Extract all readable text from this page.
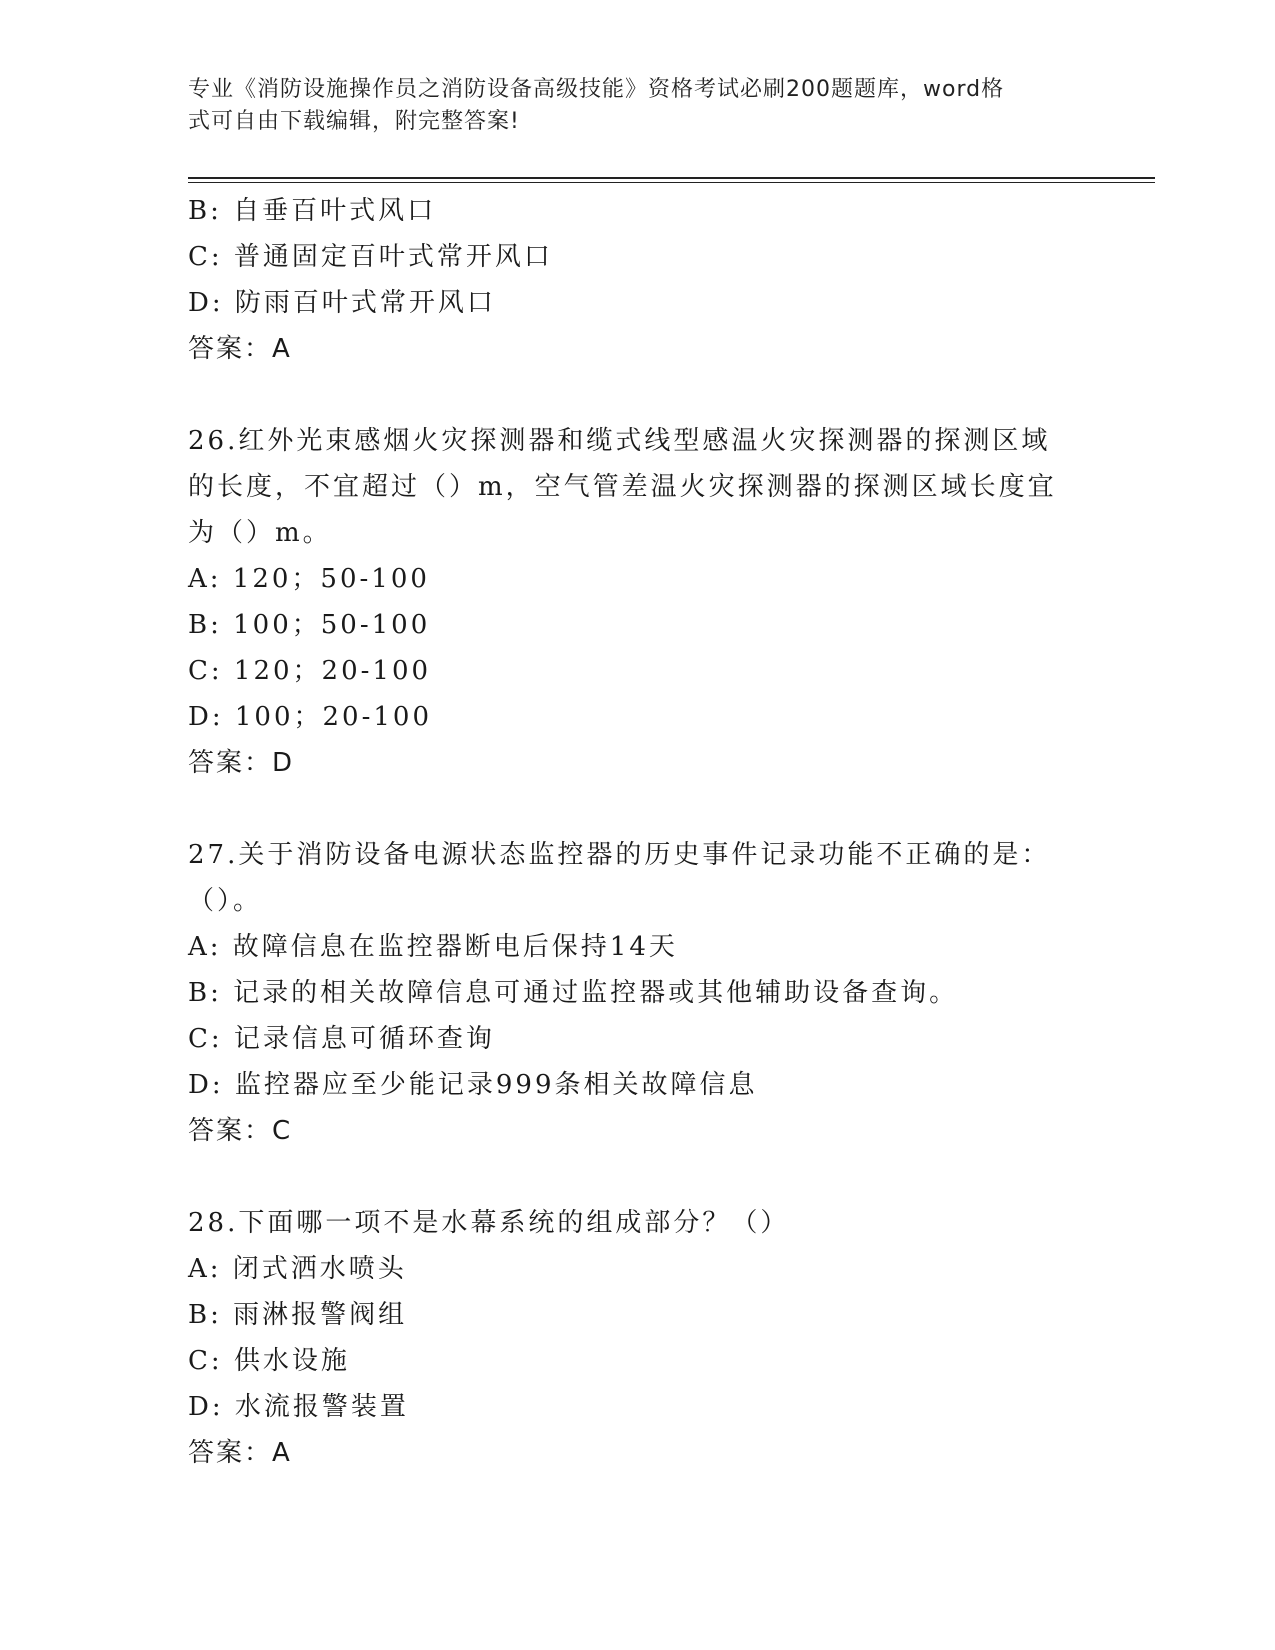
专业《消防设施操作员之消防设备高级技能》资格考试必刷200题题库，word格
式可自由下载编辑，附完整答案!
B: 自垂百叶式风口
C: 普通固定百叶式常开风口
D: 防雨百叶式常开风口
答案：A
26.红外光束感烟火灾探测器和缆式线型感温火灾探测器的探测区域的长度，不宜超过（）m，空气管差温火灾探测器的探测区域长度宜为（）m。
A: 120；50-100
B: 100；50-100
C: 120；20-100
D: 100；20-100
答案：D
27.关于消防设备电源状态监控器的历史事件记录功能不正确的是：（）。
A: 故障信息在监控器断电后保持14天
B: 记录的相关故障信息可通过监控器或其他辅助设备查询。
C: 记录信息可循环查询
D: 监控器应至少能记录999条相关故障信息
答案：C
28.下面哪一项不是水幕系统的组成部分？（）
A: 闭式洒水喷头
B: 雨淋报警阀组
C: 供水设施
D: 水流报警装置
答案：A
